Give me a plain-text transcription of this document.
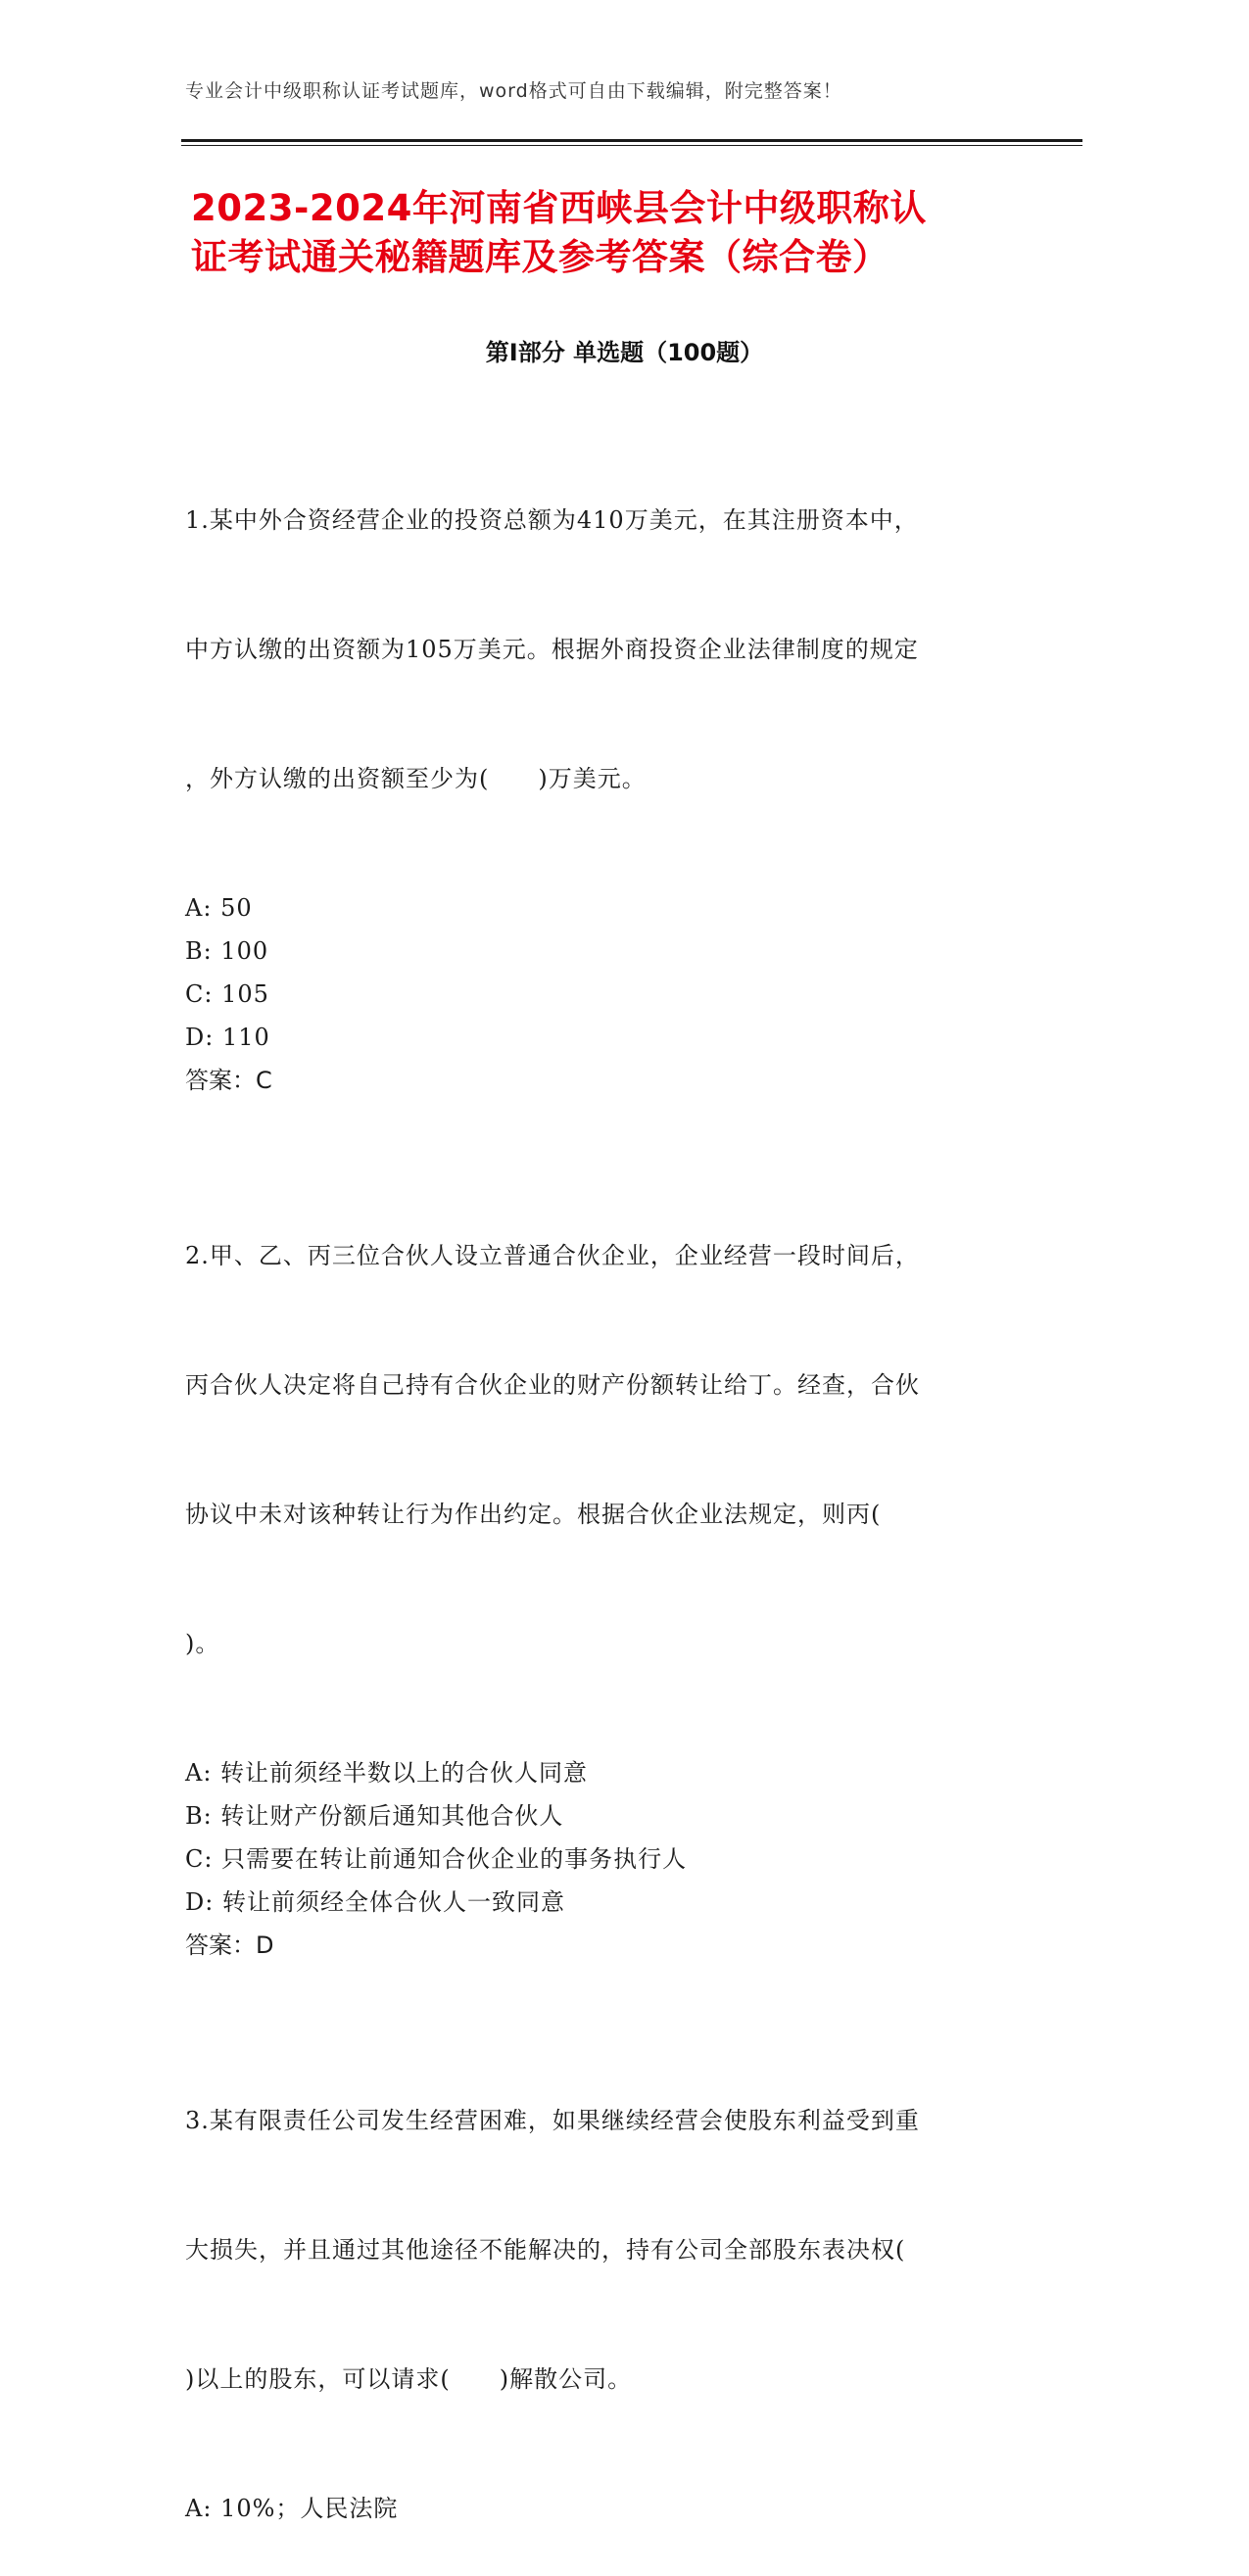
专业会计中级职称认证考试题库，word格式可自由下载编辑，附完整答案！
2023-2024年河南省西峡县会计中级职称认
证考试通关秘籍题库及参考答案（综合卷）
第Ⅰ部分 单选题（100题）

1.某中外合资经营企业的投资总额为410万美元，在其注册资本中，

中方认缴的出资额为105万美元。根据外商投资企业法律制度的规定

，外方认缴的出资额至少为(　　)万美元。

A: 50
B: 100
C: 105
D: 110
答案：C

2.甲、乙、丙三位合伙人设立普通合伙企业，企业经营一段时间后，

丙合伙人决定将自己持有合伙企业的财产份额转让给丁。经查，合伙

协议中未对该种转让行为作出约定。根据合伙企业法规定，则丙(

)。

A: 转让前须经半数以上的合伙人同意
B: 转让财产份额后通知其他合伙人
C: 只需要在转让前通知合伙企业的事务执行人
D: 转让前须经全体合伙人一致同意
答案：D

3.某有限责任公司发生经营困难，如果继续经营会使股东利益受到重

大损失，并且通过其他途径不能解决的，持有公司全部股东表决权(

)以上的股东，可以请求(　　)解散公司。

A: 10%；人民法院
